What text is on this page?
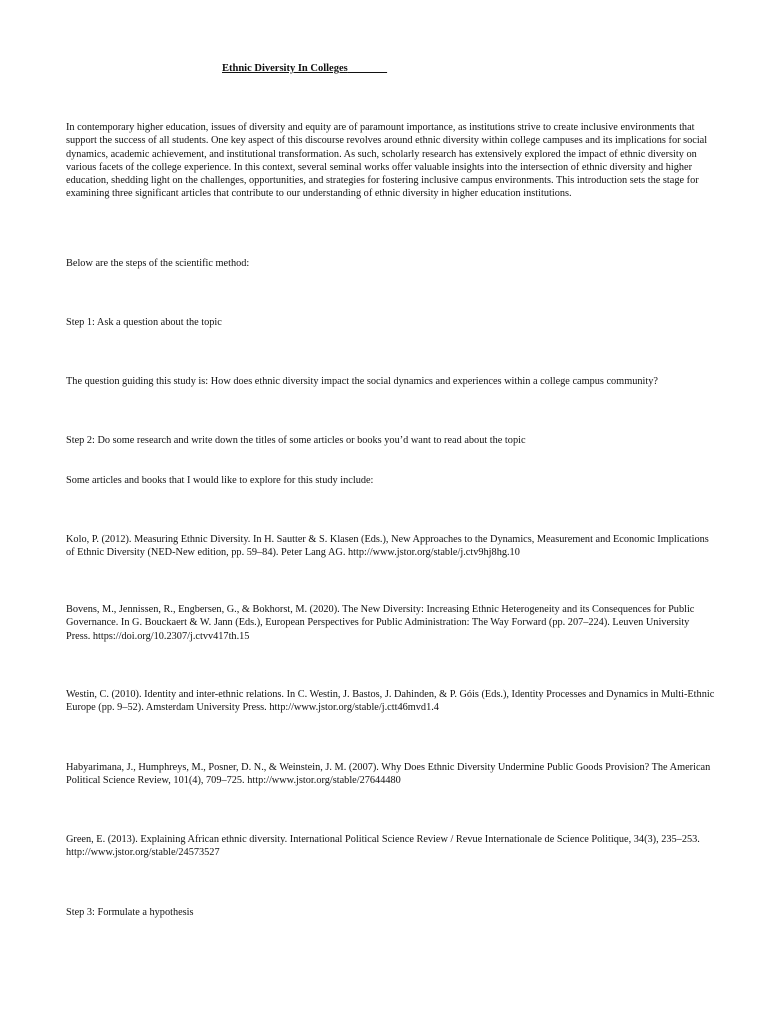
Ethnic Diversity In Colleges

In contemporary higher education, issues of diversity and equity are of paramount importance, as institutions strive to create inclusive environments that support the success of all students. One key aspect of this discourse revolves around ethnic diversity within college campuses and its implications for social dynamics, academic achievement, and institutional transformation. As such, scholarly research has extensively explored the impact of ethnic diversity on various facets of the college experience. In this context, several seminal works offer valuable insights into the intersection of ethnic diversity and higher education, shedding light on the challenges, opportunities, and strategies for fostering inclusive campus environments. This introduction sets the stage for examining three significant articles that contribute to our understanding of ethnic diversity in higher education institutions.

Below are the steps of the scientific method:

Step 1: Ask a question about the topic

The question guiding this study is: How does ethnic diversity impact the social dynamics and experiences within a college campus community?

Step 2: Do some research and write down the titles of some articles or books you’d want to read about the topic

Some articles and books that I would like to explore for this study include:

Kolo, P. (2012). Measuring Ethnic Diversity. In H. Sautter & S. Klasen (Eds.), New Approaches to the Dynamics, Measurement and Economic Implications of Ethnic Diversity (NED-New edition, pp. 59–84). Peter Lang AG. http://www.jstor.org/stable/j.ctv9hj8hg.10

Bovens, M., Jennissen, R., Engbersen, G., & Bokhorst, M. (2020). The New Diversity: Increasing Ethnic Heterogeneity and its Consequences for Public Governance. In G. Bouckaert & W. Jann (Eds.), European Perspectives for Public Administration: The Way Forward (pp. 207–224). Leuven University Press. https://doi.org/10.2307/j.ctvv417th.15

Westin, C. (2010). Identity and inter-ethnic relations. In C. Westin, J. Bastos, J. Dahinden, & P. Góis (Eds.), Identity Processes and Dynamics in Multi-Ethnic Europe (pp. 9–52). Amsterdam University Press. http://www.jstor.org/stable/j.ctt46mvd1.4

Habyarimana, J., Humphreys, M., Posner, D. N., & Weinstein, J. M. (2007). Why Does Ethnic Diversity Undermine Public Goods Provision? The American Political Science Review, 101(4), 709–725. http://www.jstor.org/stable/27644480

Green, E. (2013). Explaining African ethnic diversity. International Political Science Review / Revue Internationale de Science Politique, 34(3), 235–253. http://www.jstor.org/stable/24573527

Step 3: Formulate a hypothesis
